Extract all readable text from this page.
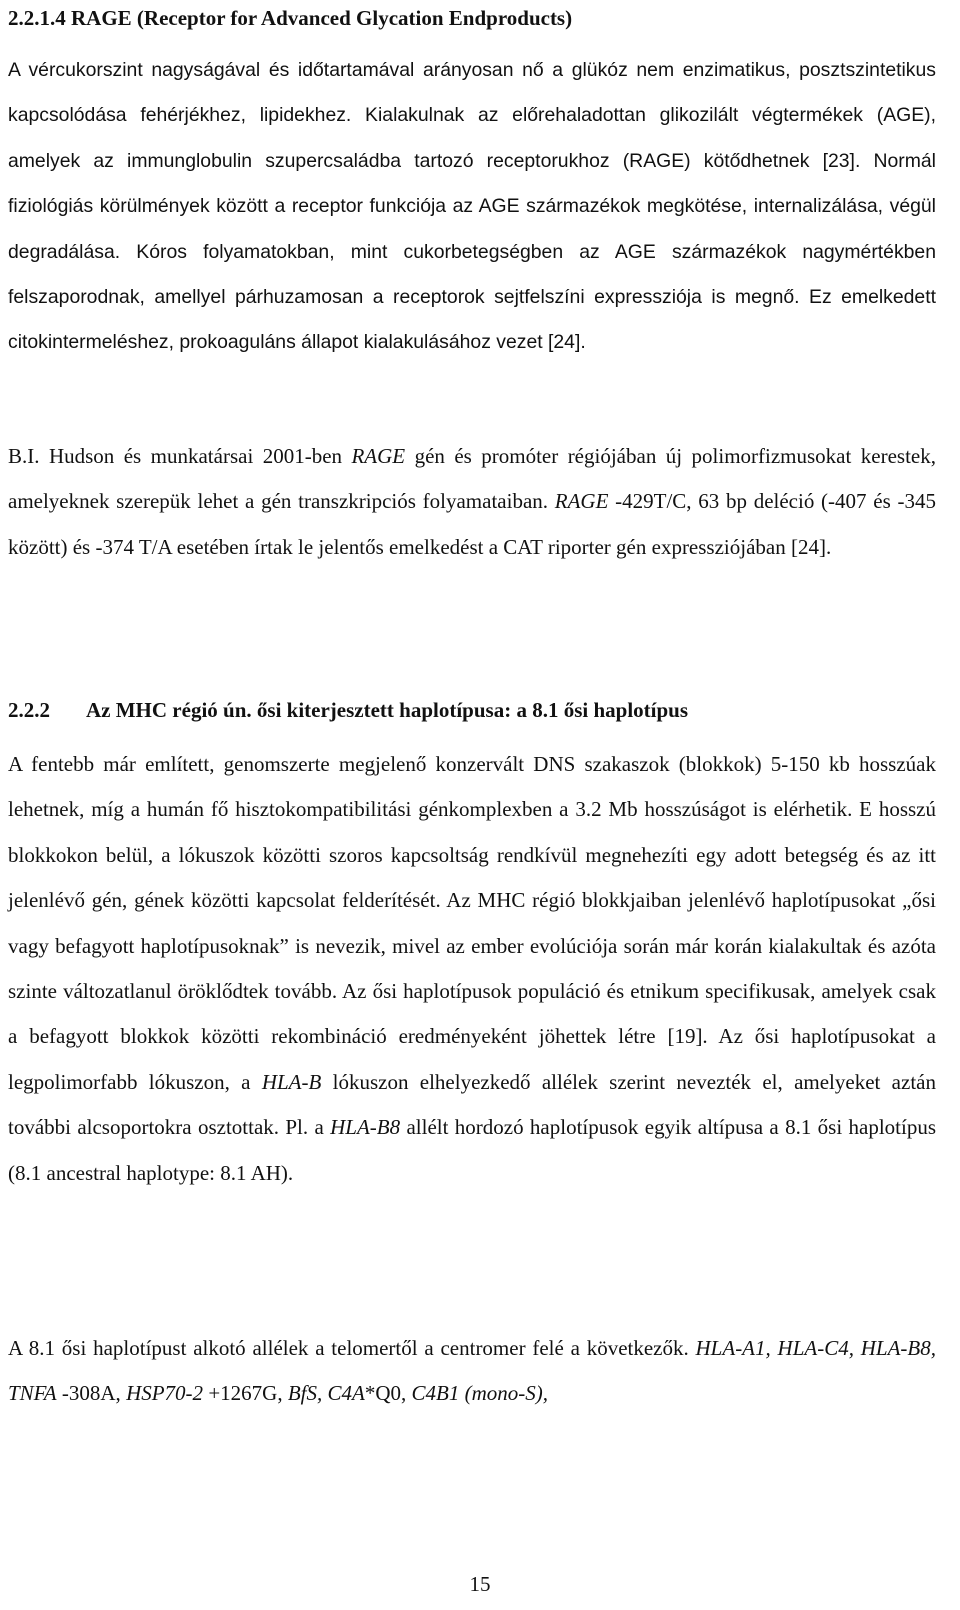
2.2.1.4 RAGE (Receptor for Advanced Glycation Endproducts)
A vércukorszint nagyságával és időtartamával arányosan nő a glükóz nem enzimatikus, posztszintetikus kapcsolódása fehérjékhez, lipidekhez. Kialakulnak az előrehaladottan glikozilált végtermékek (AGE), amelyek az immunglobulin szupercsaládba tartozó receptorukhoz (RAGE) kötődhetnek [23]. Normál fiziológiás körülmények között a receptor funkciója az AGE származékok megkötése, internalizálása, végül degradálása. Kóros folyamatokban, mint cukorbetegségben az AGE származékok nagymértékben felszaporodnak, amellyel párhuzamosan a receptorok sejtfelszíni expressziója is megnő. Ez emelkedett citokintermeléshez, prokoaguláns állapot kialakulásához vezet [24].
B.I. Hudson és munkatársai 2001-ben RAGE gén és promóter régiójában új polimorfizmusokat kerestek, amelyeknek szerepük lehet a gén transzkripciós folyamataiban. RAGE -429T/C, 63 bp deléció (-407 és -345 között) és -374 T/A esetében írtak le jelentős emelkedést a CAT riporter gén expressziójában [24].
2.2.2 Az MHC régió ún. ősi kiterjesztett haplotípusa: a 8.1 ősi haplotípus
A fentebb már említett, genomszerte megjelenő konzervált DNS szakaszok (blokkok) 5-150 kb hosszúak lehetnek, míg a humán fő hisztokompatibilitási génkomplexben a 3.2 Mb hosszúságot is elérhetik. E hosszú blokkokon belül, a lókuszok közötti szoros kapcsoltság rendkívül megnehezíti egy adott betegség és az itt jelenlévő gén, gének közötti kapcsolat felderítését. Az MHC régió blokkjaiban jelenlévő haplotípusokat „ősi vagy befagyott haplotípusoknak” is nevezik, mivel az ember evolúciója során már korán kialakultak és azóta szinte változatlanul öröklődtek tovább. Az ősi haplotípusok populáció és etnikum specifikusak, amelyek csak a befagyott blokkok közötti rekombináció eredményeként jöhettek létre [19]. Az ősi haplotípusokat a legpolimorfabb lókuszon, a HLA-B lókuszon elhelyezkedő allélek szerint nevezték el, amelyeket aztán további alcsoportokra osztottak. Pl. a HLA-B8 allélt hordozó haplotípusok egyik altípusa a 8.1 ősi haplotípus (8.1 ancestral haplotype: 8.1 AH).
A 8.1 ősi haplotípust alkotó allélek a telomertől a centromer felé a következők. HLA-A1, HLA-C4, HLA-B8, TNFA -308A, HSP70-2 +1267G, BfS, C4A*Q0, C4B1 (mono-S),
15
